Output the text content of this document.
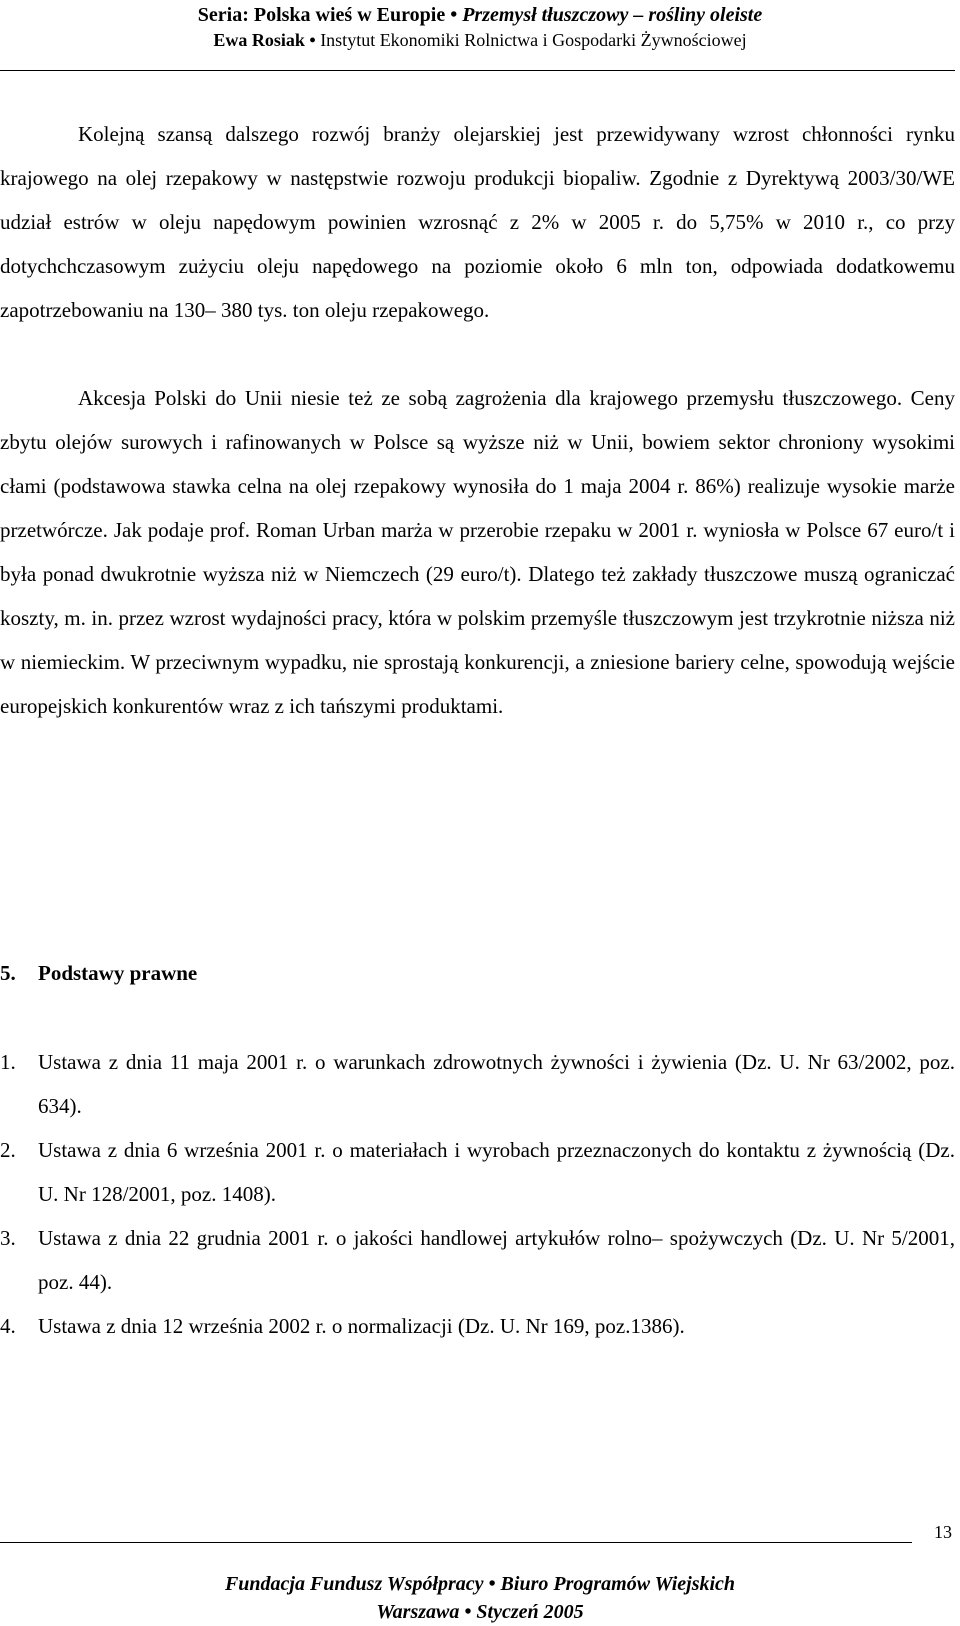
Seria: Polska wieś w Europie • Przemysł tłuszczowy – rośliny oleiste
Ewa Rosiak • Instytut Ekonomiki Rolnictwa i Gospodarki Żywnościowej

Kolejną szansą dalszego rozwój branży olejarskiej jest przewidywany wzrost chłonności rynku krajowego na olej rzepakowy w następstwie rozwoju produkcji biopaliw. Zgodnie z Dyrektywą 2003/30/WE udział estrów w oleju napędowym powinien wzrosnąć z 2% w 2005 r. do 5,75% w 2010 r., co przy dotychchczasowym zużyciu oleju napędowego na poziomie około 6 mln ton, odpowiada dodatkowemu zapotrzebowaniu na 130– 380 tys. ton oleju rzepakowego.

Akcesja Polski do Unii niesie też ze sobą zagrożenia dla krajowego przemysłu tłuszczowego. Ceny zbytu olejów surowych i rafinowanych w Polsce są wyższe niż w Unii, bowiem sektor chroniony wysokimi cłami (podstawowa stawka celna na olej rzepakowy wynosiła do 1 maja 2004 r. 86%) realizuje wysokie marże przetwórcze. Jak podaje prof. Roman Urban marża w przerobie rzepaku w 2001 r. wyniosła w Polsce 67 euro/t i była ponad dwukrotnie wyższa niż w Niemczech (29 euro/t). Dlatego też zakłady tłuszczowe muszą ograniczać koszty, m. in. przez wzrost wydajności pracy, która w polskim przemyśle tłuszczowym jest trzykrotnie niższa niż w niemieckim. W przeciwnym wypadku, nie sprostają konkurencji, a zniesione bariery celne, spowodują wejście europejskich konkurentów wraz z ich tańszymi produktami.

5. Podstawy prawne
1. Ustawa z dnia 11 maja 2001 r. o warunkach zdrowotnych żywności i żywienia (Dz. U. Nr 63/2002, poz. 634).
2. Ustawa z dnia 6 września 2001 r. o materiałach i wyrobach przeznaczonych do kontaktu z żywnością (Dz. U. Nr 128/2001, poz. 1408).
3. Ustawa z dnia 22 grudnia 2001 r. o jakości handlowej artykułów rolno– spożywczych (Dz. U. Nr 5/2001, poz. 44).
4. Ustawa z dnia 12 września 2002 r. o normalizacji (Dz. U. Nr 169, poz.1386).
13
Fundacja Fundusz Współpracy • Biuro Programów Wiejskich
Warszawa • Styczeń 2005
